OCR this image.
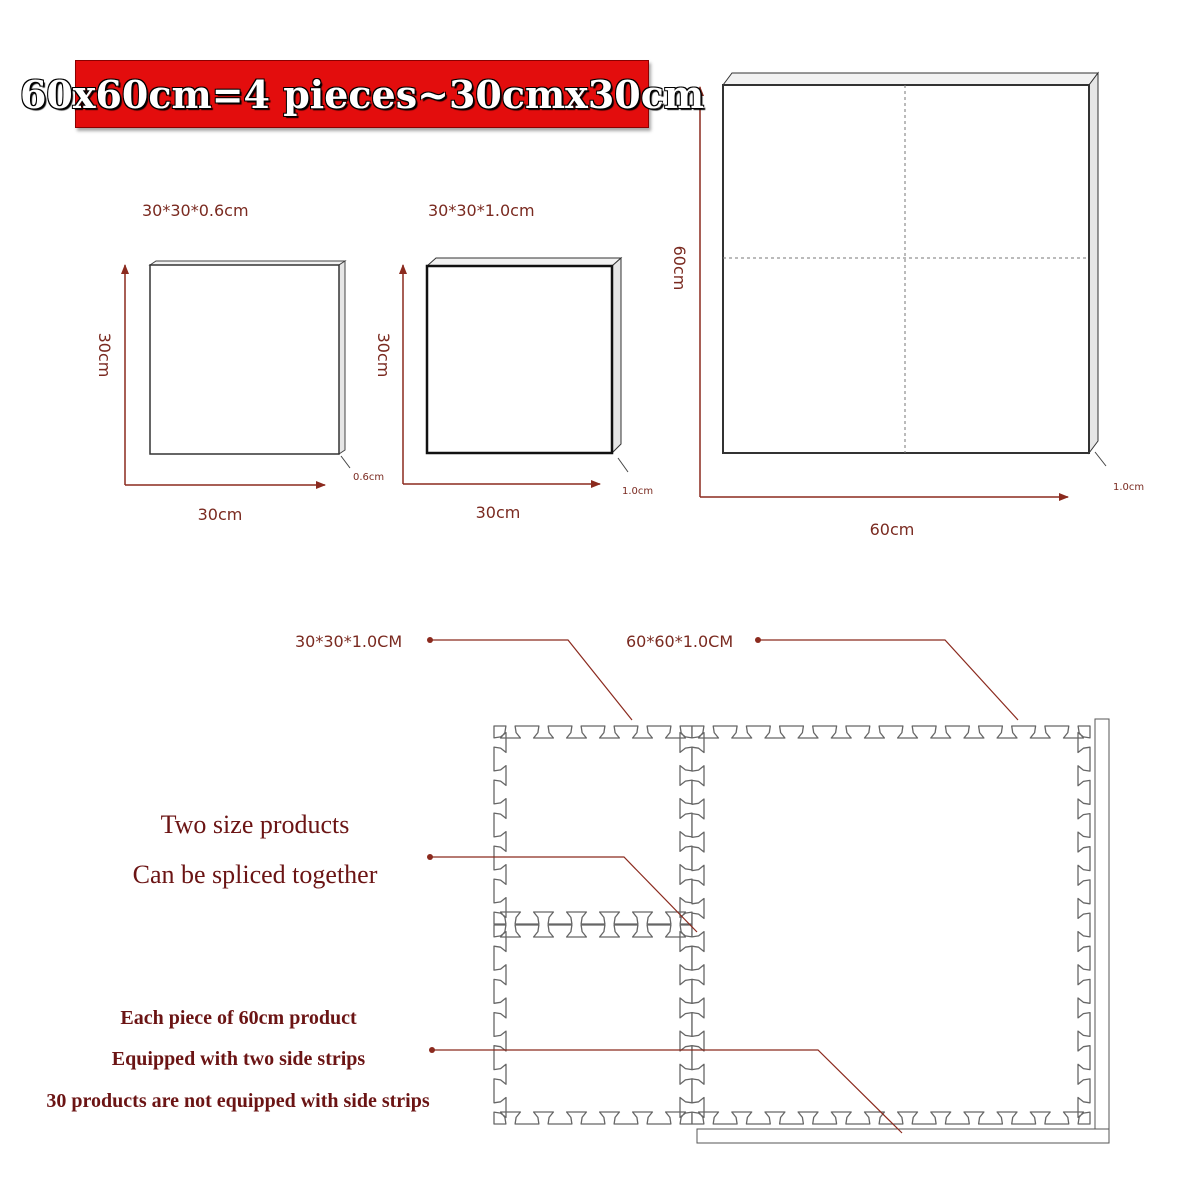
30*30*0.6cm
30cm
30cm
0.6cm
30*30*1.0cm
30cm
30cm
1.0cm
60cm
60cm
1.0cm
30*30*1.0CM	60*60*1.0CM
60x60cm=4 pieces~30cmx30cm
Two size products
Can be spliced together
Each piece of 60cm product
Equipped with two side strips
30 products are not equipped with side strips
